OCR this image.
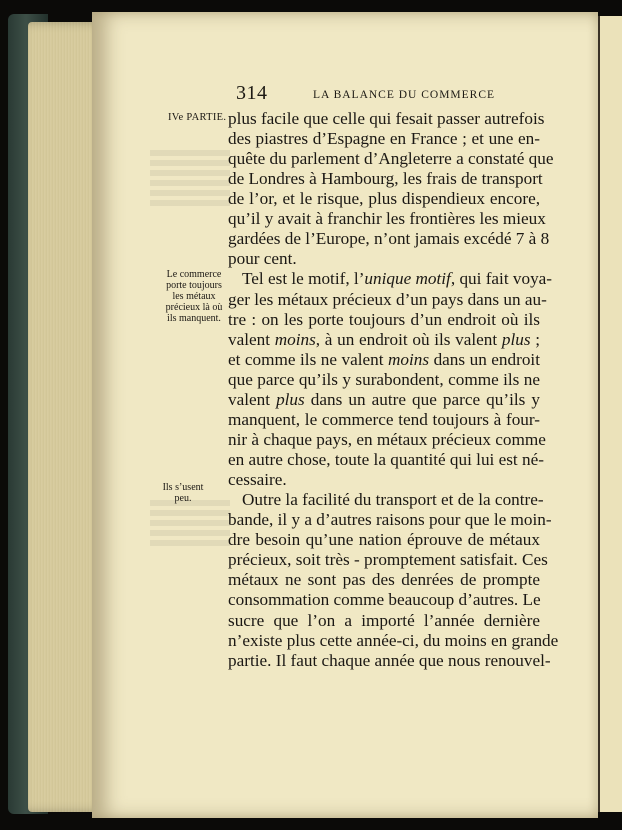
314	LA BALANCE DU COMMERCE
IVe PARTIE.
Le commerce
porte toujours
les métaux
précieux là où
ils manquent.
Ils s’usent
peu.
plus facile que celle qui fesait passer autrefois
des piastres d’Espagne en France ; et une en-
quête du parlement d’Angleterre a constaté que
de Londres à Hambourg, les frais de transport
de l’or, et le risque, plus dispendieux encore,
qu’il y avait à franchir les frontières les mieux
gardées de l’Europe, n’ont jamais excédé 7 à 8
pour cent.
Tel est le motif, l’unique motif, qui fait voya-
ger les métaux précieux d’un pays dans un au-
tre : on les porte toujours d’un endroit où ils
valent moins, à un endroit où ils valent plus ;
et comme ils ne valent moins dans un endroit
que parce qu’ils y surabondent, comme ils ne
valent plus dans un autre que parce qu’ils y
manquent, le commerce tend toujours à four-
nir à chaque pays, en métaux précieux comme
en autre chose, toute la quantité qui lui est né-
cessaire.
Outre la facilité du transport et de la contre-
bande, il y a d’autres raisons pour que le moin-
dre besoin qu’une nation éprouve de métaux
précieux, soit très - promptement satisfait. Ces
métaux ne sont pas des denrées de prompte
consommation comme beaucoup d’autres. Le
sucre que l’on a importé l’année dernière
n’existe plus cette année-ci, du moins en grande
partie. Il faut chaque année que nous renouvel-
